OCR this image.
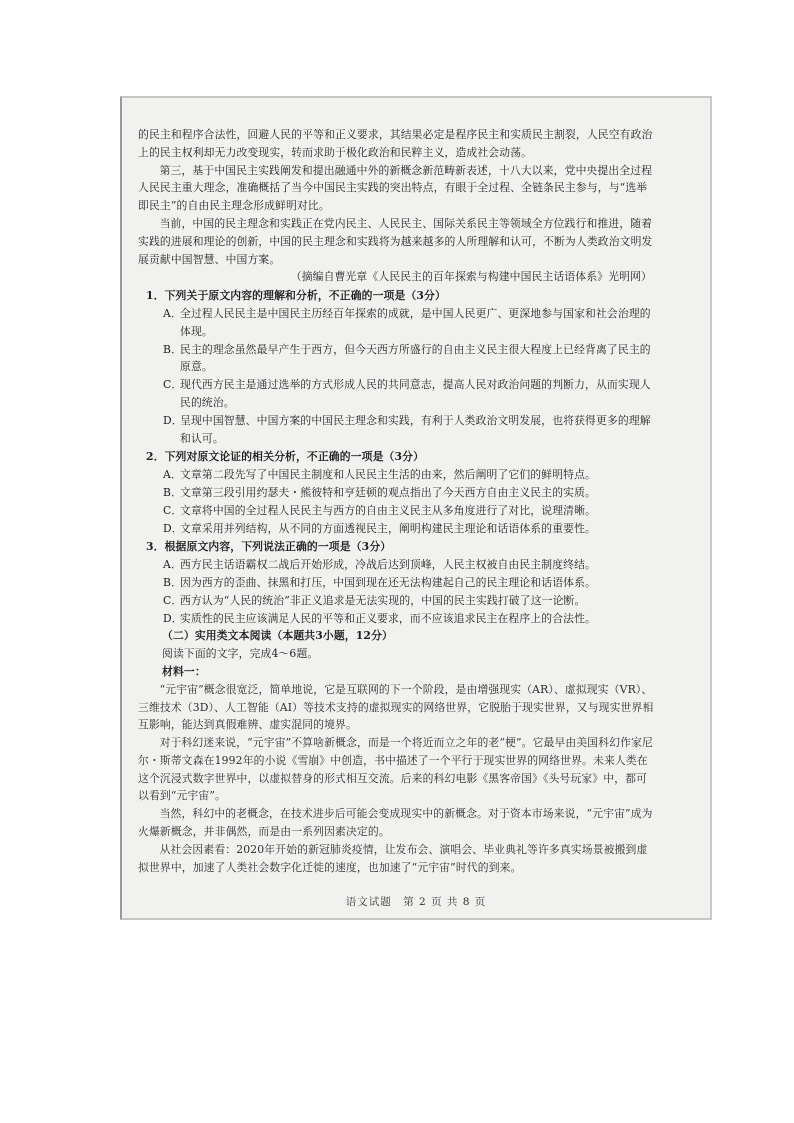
的民主和程序合法性，回避人民的平等和正义要求，其结果必定是程序民主和实质民主割裂，人民空有政治上的民主权利却无力改变现实，转而求助于极化政治和民粹主义，造成社会动荡。

第三，基于中国民主实践阐发和提出融通中外的新概念新范畴新表述，十八大以来，党中央提出全过程人民民主重大理念，准确概括了当今中国民主实践的突出特点，有眼于全过程、全链条民主参与，与“选举即民主”的自由民主理念形成鲜明对比。

当前，中国的民主理念和实践正在党内民主、人民民主、国际关系民主等领域全方位践行和推进，随着实践的进展和理论的创新，中国的民主理念和实践将为越来越多的人所理解和认可，不断为人类政治文明发展贡献中国智慧、中国方案。

（摘编自曹光章《人民民主的百年探索与构建中国民主话语体系》光明网）

1．下列关于原文内容的理解和分析，不正确的一项是（3分）

A．
全过程人民民主是中国民主历经百年探索的成就，是中国人民更广、更深地参与国家和社会治理的体现。
B．
民主的理念虽然最早产生于西方，但今天西方所盛行的自由主义民主很大程度上已经背离了民主的原意。
C．
现代西方民主是通过选举的方式形成人民的共同意志，提高人民对政治问题的判断力，从而实现人民的统治。
D．
呈现中国智慧、中国方案的中国民主理念和实践，有利于人类政治文明发展，也将获得更多的理解和认可。

2．下列对原文论证的相关分析，不正确的一项是（3分）

A．
文章第二段先写了中国民主制度和人民民主生活的由来，然后阐明了它们的鲜明特点。
B．
文章第三段引用约瑟夫・熊彼特和亨廷顿的观点指出了今天西方自由主义民主的实质。
C．
文章将中国的全过程人民民主与西方的自由主义民主从多角度进行了对比，说理清晰。
D．
文章采用并列结构，从不同的方面透视民主，阐明构建民主理论和话语体系的重要性。

3．根据原文内容，下列说法正确的一项是（3分）

A．
西方民主话语霸权二战后开始形成，冷战后达到顶峰，人民主权被自由民主制度终结。
B．
因为西方的歪曲、抹黑和打压，中国到现在还无法构建起自己的民主理论和话语体系。
C．
西方认为“人民的统治”非正义追求是无法实现的，中国的民主实践打破了这一论断。
D．
实质性的民主应该满足人民的平等和正义要求，而不应该追求民主在程序上的合法性。

（二）实用类文本阅读（本题共3小题，12分）

阅读下面的文字，完成4～6题。

材料一：

“元宇宙”概念很宽泛，简单地说，它是互联网的下一个阶段，是由增强现实（AR）、虚拟现实（VR）、三维技术（3D）、人工智能（AI）等技术支持的虚拟现实的网络世界，它脱胎于现实世界，又与现实世界相互影响，能达到真假难辨、虚实混同的境界。

对于科幻迷来说，“元宇宙”不算啥新概念，而是一个将近而立之年的老“梗”。它最早由美国科幻作家尼尔・斯蒂文森在1992年的小说《雪崩》中创造，书中描述了一个平行于现实世界的网络世界。未来人类在这个沉浸式数字世界中，以虚拟替身的形式相互交流。后来的科幻电影《黑客帝国》《头号玩家》中，都可以看到“元宇宙”。

当然，科幻中的老概念，在技术进步后可能会变成现实中的新概念。对于资本市场来说，“元宇宙”成为火爆新概念，并非偶然，而是由一系列因素决定的。

从社会因素看：2020年开始的新冠肺炎疫情，让发布会、演唱会、毕业典礼等许多真实场景被搬到虚拟世界中，加速了人类社会数字化迁徙的速度，也加速了“元宇宙”时代的到来。

语文试题　第 2 页 共 8 页
